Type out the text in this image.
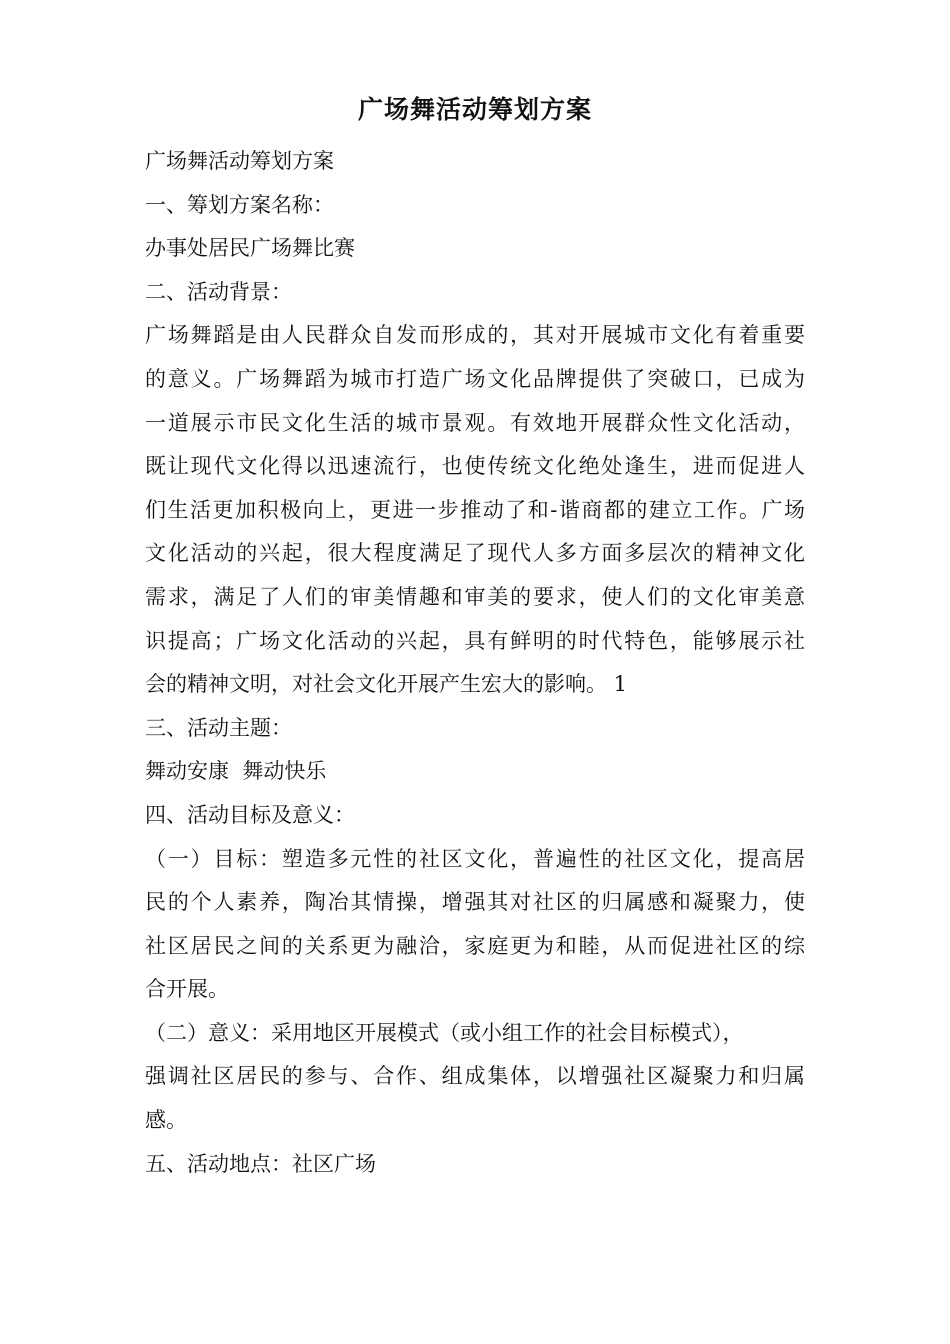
广场舞活动筹划方案
广场舞活动筹划方案
一、筹划方案名称：
办事处居民广场舞比赛
二、活动背景：
广场舞蹈是由人民群众自发而形成的，其对开展城市文化有着重要
的意义。广场舞蹈为城市打造广场文化品牌提供了突破口，已成为
一道展示市民文化生活的城市景观。有效地开展群众性文化活动，
既让现代文化得以迅速流行，也使传统文化绝处逢生，进而促进人
们生活更加积极向上，更进一步推动了和-谐商都的建立工作。广场
文化活动的兴起，很大程度满足了现代人多方面多层次的精神文化
需求，满足了人们的审美情趣和审美的要求，使人们的文化审美意
识提高；广场文化活动的兴起，具有鲜明的时代特色，能够展示社
会的精神文明，对社会文化开展产生宏大的影响。 1
三、活动主题：
舞动安康  舞动快乐
四、活动目标及意义：
（一）目标：塑造多元性的社区文化，普遍性的社区文化，提高居
民的个人素养，陶冶其情操，增强其对社区的归属感和凝聚力，使
社区居民之间的关系更为融洽，家庭更为和睦，从而促进社区的综
合开展。
（二）意义：采用地区开展模式（或小组工作的社会目标模式），
强调社区居民的参与、合作、组成集体，以增强社区凝聚力和归属
感。
五、活动地点：社区广场
